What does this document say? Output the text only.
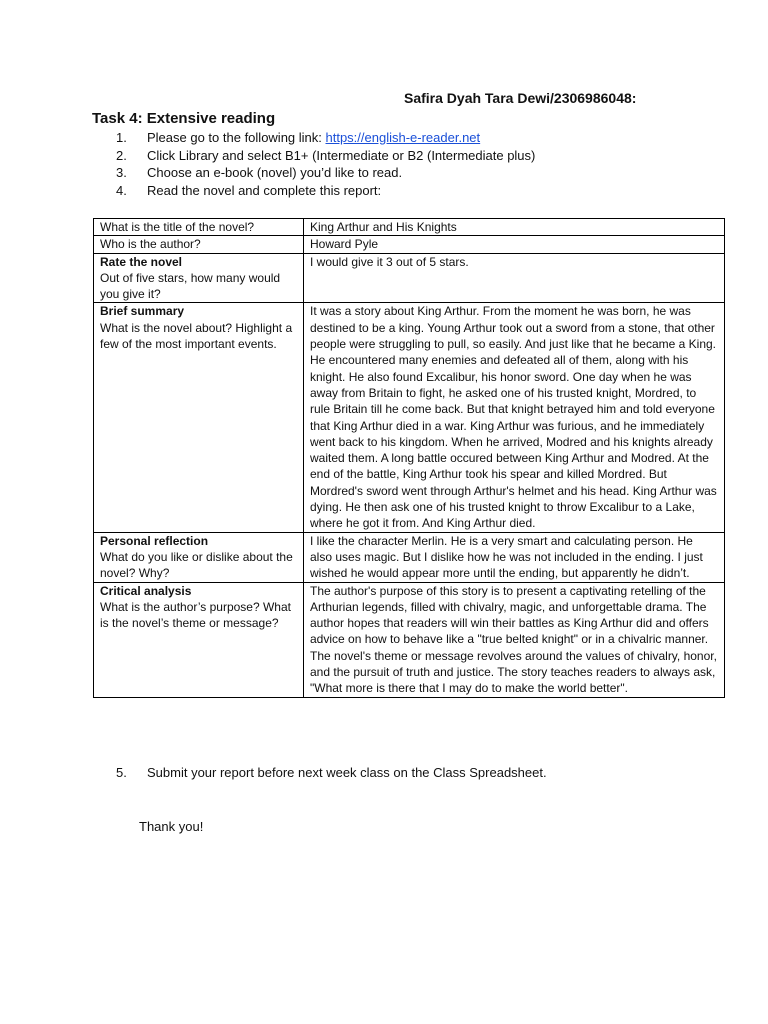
Safira Dyah Tara Dewi/2306986048:
Task 4: Extensive reading
1.	Please go to the following link: https://english-e-reader.net
2.	Click Library and select B1+ (Intermediate or B2 (Intermediate plus)
3.	Choose an e-book (novel) you’d like to read.
4.	Read the novel and complete this report:
What is the title of the novel?	King Arthur and His Knights
Who is the author?	Howard Pyle

Rate the novel
Out of five stars, how many would you give it?	I would give it 3 out of 5 stars.

Brief summary
What is the novel about? Highlight a few of the most important events.	It was a story about King Arthur. From the moment he was born, he was destined to be a king. Young Arthur took out a sword from a stone, that other people were struggling to pull, so easily. And just like that he became a King. He encountered many enemies and defeated all of them, along with his knight. He also found Excalibur, his honor sword. One day when he was away from Britain to fight, he asked one of his trusted knight, Mordred, to rule Britain till he come back. But that knight betrayed him and told everyone that King Arthur died in a war. King Arthur was furious, and he immediately went back to his kingdom. When he arrived, Modred and his knights already waited them. A long battle occured between King Arthur and Modred. At the end of the battle, King Arthur took his spear and killed Mordred. But Mordred's sword went through Arthur's helmet and his head. King Arthur was dying. He then ask one of his trusted knight to throw Excalibur to a Lake, where he got it from. And King Arthur died.

Personal reflection
What do you like or dislike about the novel? Why?	I like the character Merlin. He is a very smart and calculating person. He also uses magic. But I dislike how he was not included in the ending. I just wished he would appear more until the ending, but apparently he didn’t.

Critical analysis
What is the author’s purpose? What is the novel’s theme or message?	The author's purpose of this story is to present a captivating retelling of the Arthurian legends, filled with chivalry, magic, and unforgettable drama. The author hopes that readers will win their battles as King Arthur did and offers advice on how to behave like a "true belted knight" or in a chivalric manner. The novel's theme or message revolves around the values of chivalry, honor, and the pursuit of truth and justice. The story teaches readers to always ask, "What more is there that I may do to make the world better".
5.	Submit your report before next week class on the Class Spreadsheet.
Thank you!
